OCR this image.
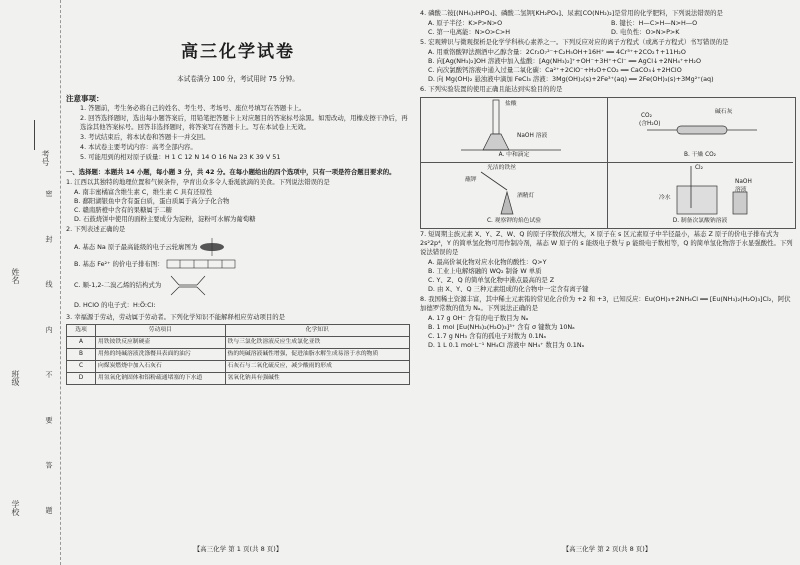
考号
姓名
班级
学校	密 封 线 内 不 要 答 题
高三化学试卷
本试卷满分 100 分，考试用时 75 分钟。
注意事项：

1. 答题前，考生务必将自己的姓名、考生号、考场号、座位号填写在答题卡上。

2. 回答选择题时，选出每小题答案后，用铅笔把答题卡上对应题目的答案标号涂黑。如需改动，用橡皮擦干净后，再选涂其他答案标号。回答非选择题时，将答案写在答题卡上。写在本试卷上无效。

3. 考试结束后，将本试卷和答题卡一并交回。

4. 本试卷主要考试内容：高考全部内容。

5. 可能用到的相对原子质量：H 1 C 12 N 14 O 16 Na 23 K 39 V 51

一、选择题：本题共 14 小题，每小题 3 分，共 42 分。在每小题给出的四个选项中，只有一项是符合题目要求的。
1. 江西以其独特的地理位置和气候条件，孕育出众多令人垂涎欲滴的美食。下列说法错误的是
A. 南丰蜜橘富含维生素 C，维生素 C 具有还原性
B. 鄱阳湖银鱼中含有蛋白质，蛋白质属于高分子化合物
C. 赣南脐橙中含有的果糖属于二糖
D. 石鼓烧饼中使用的面粉主要成分为淀粉，淀粉可水解为葡萄糖
2. 下列表述正确的是
A. 基态 Na 原子最高能级的电子云轮廓图为
B. 基态 Fe²⁺ 的价电子排布图：
C. 顺-1,2-二溴乙烯的结构式为
D. HClO 的电子式：H:Ö:Cl:
3. 幸福源于劳动，劳动属于劳动者。下列化学知识不能解释相应劳动项目的是
选项	劳动项目	化学知识
A	用铁铵铁反应制硬壶	铁与三氯化铁溶液反应生成氯化亚铁
B	用热的纯碱溶液洗涤餐具表面的油污	热的纯碱溶液碱性增强，促进油脂水解生成易溶于水的物质
C	向煤炭燃烧中加入石灰石	石灰石与二氧化硫反应，减少酸雨的形成
D	用氢氧化钠固体和铝粉疏通堵塞的下水道	氢氧化钠具有强碱性
【高三化学 第 1 页(共 8 页)】
4. 磷酸二铵[(NH₄)₂HPO₄]、磷酸二氢钾[KH₂PO₄]、尿素[CO(NH₂)₂]是常用的化学肥料，下列说法错误的是
A. 原子半径：K>P>N>O	B. 键长：H—C>H—N>H—O
C. 第一电离能：N>O>C>H	D. 电负性：O>N>P>K
5. 宏观辨识与微观探析是化学学科核心素养之一。下列反应对应的离子方程式（或离子方程式）书写错误的是
A. 用重铬酸钾法测酒中乙醇含量：2Cr₂O₇²⁻+C₂H₅OH+16H⁺ ══ 4Cr³⁺+2CO₂↑+11H₂O
B. 向[Ag(NH₃)₂]OH 溶液中加入盐酸：[Ag(NH₃)₂]⁺+OH⁻+3H⁺+Cl⁻ ══ AgCl↓+2NH₄⁺+H₂O
C. 向次氯酸钙溶液中通入过量二氧化碳：Ca²⁺+2ClO⁻+H₂O+CO₂ ══ CaCO₃↓+2HClO
D. 向 Mg(OH)₂ 悬浊液中滴加 FeCl₃ 溶液：3Mg(OH)₂(s)+2Fe³⁺(aq) ══ 2Fe(OH)₃(s)+3Mg²⁺(aq)
6. 下列实验装置的使用正确且能达到实验目的的是
盐酸
NaOH 溶液
A. 中和滴定
CO₂
(含H₂O)
碱石灰
B. 干燥 CO₂
光洁的铁丝
蘸钾
酒精灯
C. 观察钾的焰色试验
Cl₂
NaOH
冷水
溶液
D. 制备次氯酸钠溶液
7. 短周期主族元素 X、Y、Z、W、Q 的原子序数依次增大，X 原子在 s 区元素原子中半径最小，基态 Z 原子的价电子排布式为 2s²2p⁴，Y 的简单氢化物可用作制冷剂，基态 W 原子的 s 能级电子数与 p 能级电子数相等，Q 的简单氢化物溶于水显强酸性。下列说法错误的是
A. 最高价氧化物对应水化物的酸性：Q>Y
B. 工业上电解熔融的 WQ₂ 制备 W 单质
C. Y、Z、Q 的简单氢化物中沸点最高的是 Z
D. 由 X、Y、Q 三种元素组成的化合物中一定含有离子键
8. 我国稀土资源丰富，其中稀土元素铕的常见化合价为 +2 和 +3，已知反应：Eu(OH)₃+2NH₄Cl ══ [Eu(NH₃)₂(H₂O)₃]Cl₂，阿伏加德罗常数的值为 Nₐ。下列说法正确的是
A. 17 g OH⁻ 含有的电子数目为 Nₐ
B. 1 mol [Eu(NH₃)₂(H₂O)₃]³⁺ 含有 σ 键数为 10Nₐ
C. 1.7 g NH₃ 含有的孤电子对数为 0.1Nₐ
D. 1 L 0.1 mol·L⁻¹ NH₄Cl 溶液中 NH₄⁺ 数目为 0.1Nₐ
【高三化学 第 2 页(共 8 页)】
